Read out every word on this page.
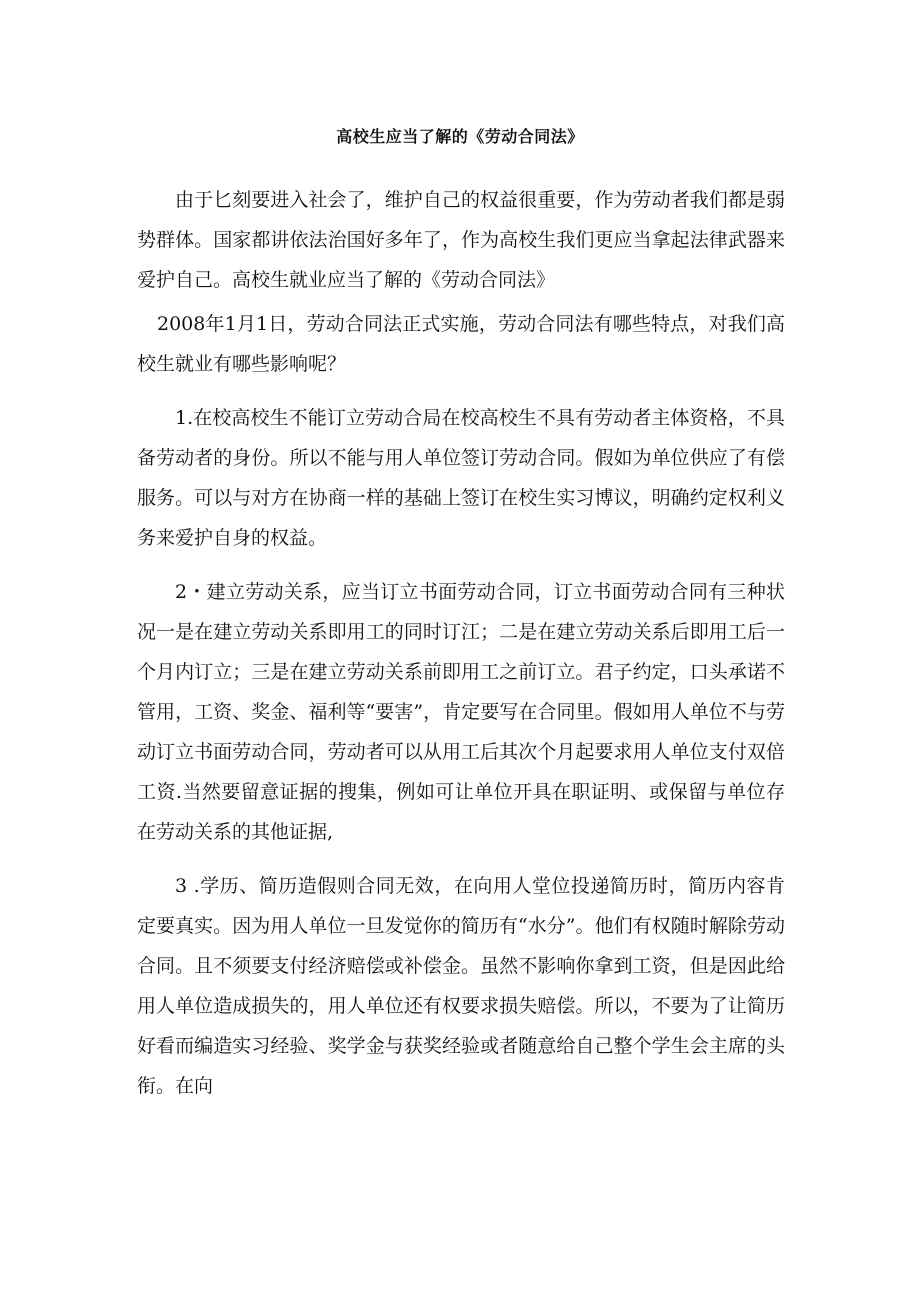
高校生应当了解的《劳动合同法》

由于匕刻要进入社会了，维护自己的权益很重要，作为劳动者我们都是弱势群体。国家都讲依法治国好多年了，作为高校生我们更应当拿起法律武器来爱护自己。高校生就业应当了解的《劳动合同法》

2008年1月1日，劳动合同法正式实施，劳动合同法有哪些特点，对我们高校生就业有哪些影响呢？

1.在校高校生不能订立劳动合局在校高校生不具有劳动者主体资格，不具备劳动者的身份。所以不能与用人单位签订劳动合同。假如为单位供应了有偿服务。可以与对方在协商一样的基础上签订在校生实习博议，明确约定权利义务来爱护自身的权益。

2・建立劳动关系，应当订立书面劳动合同，订立书面劳动合同有三种状况一是在建立劳动关系即用工的同时订江；二是在建立劳动关系后即用工后一个月内订立；三是在建立劳动关系前即用工之前订立。君子约定，口头承诺不管用，工资、奖金、福利等“要害”，肯定要写在合同里。假如用人单位不与劳动订立书面劳动合同，劳动者可以从用工后其次个月起要求用人单位支付双倍工资.当然要留意证据的搜集，例如可让单位开具在职证明、或保留与单位存在劳动关系的其他证据,

3 .学历、简历造假则合同无效，在向用人堂位投递简历时，简历内容肯定要真实。因为用人单位一旦发觉你的简历有“水分”。他们有权随时解除劳动合同。且不须要支付经济赔偿或补偿金。虽然不影响你拿到工资，但是因此给用人单位造成损失的，用人单位还有权要求损失赔偿。所以，不要为了让简历好看而编造实习经验、奖学金与获奖经验或者随意给自己整个学生会主席的头衔。在向
